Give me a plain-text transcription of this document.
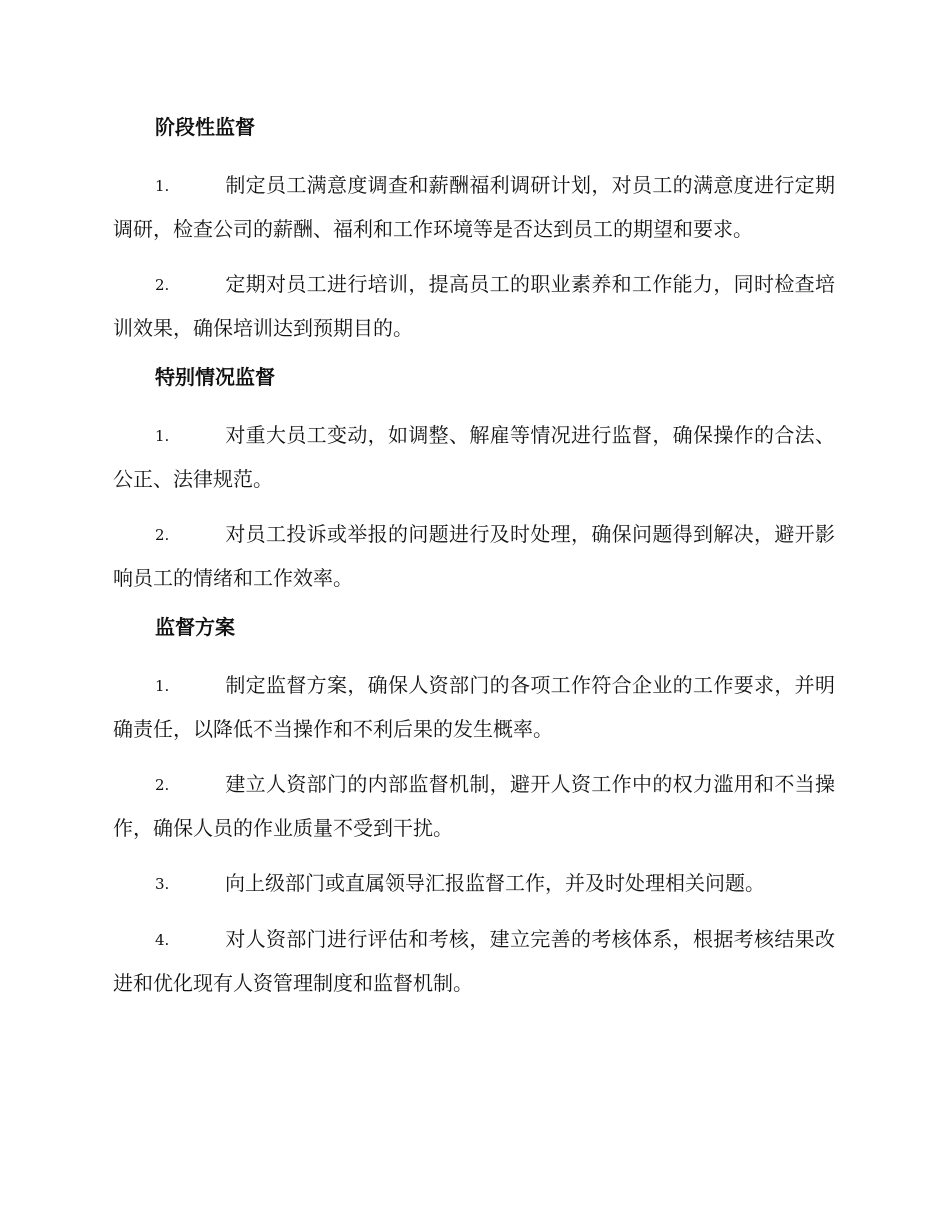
阶段性监督

1.	制定员工满意度调查和薪酬福利调研计划，对员工的满意度进行定期调研，检查公司的薪酬、福利和工作环境等是否达到员工的期望和要求。

2.	定期对员工进行培训，提高员工的职业素养和工作能力，同时检查培训效果，确保培训达到预期目的。

特别情况监督

1.	对重大员工变动，如调整、解雇等情况进行监督，确保操作的合法、公正、法律规范。

2.	对员工投诉或举报的问题进行及时处理，确保问题得到解决，避开影响员工的情绪和工作效率。

监督方案

1.	制定监督方案，确保人资部门的各项工作符合企业的工作要求，并明确责任，以降低不当操作和不利后果的发生概率。

2.	建立人资部门的内部监督机制，避开人资工作中的权力滥用和不当操作，确保人员的作业质量不受到干扰。

3.	向上级部门或直属领导汇报监督工作，并及时处理相关问题。

4.	对人资部门进行评估和考核，建立完善的考核体系，根据考核结果改进和优化现有人资管理制度和监督机制。
